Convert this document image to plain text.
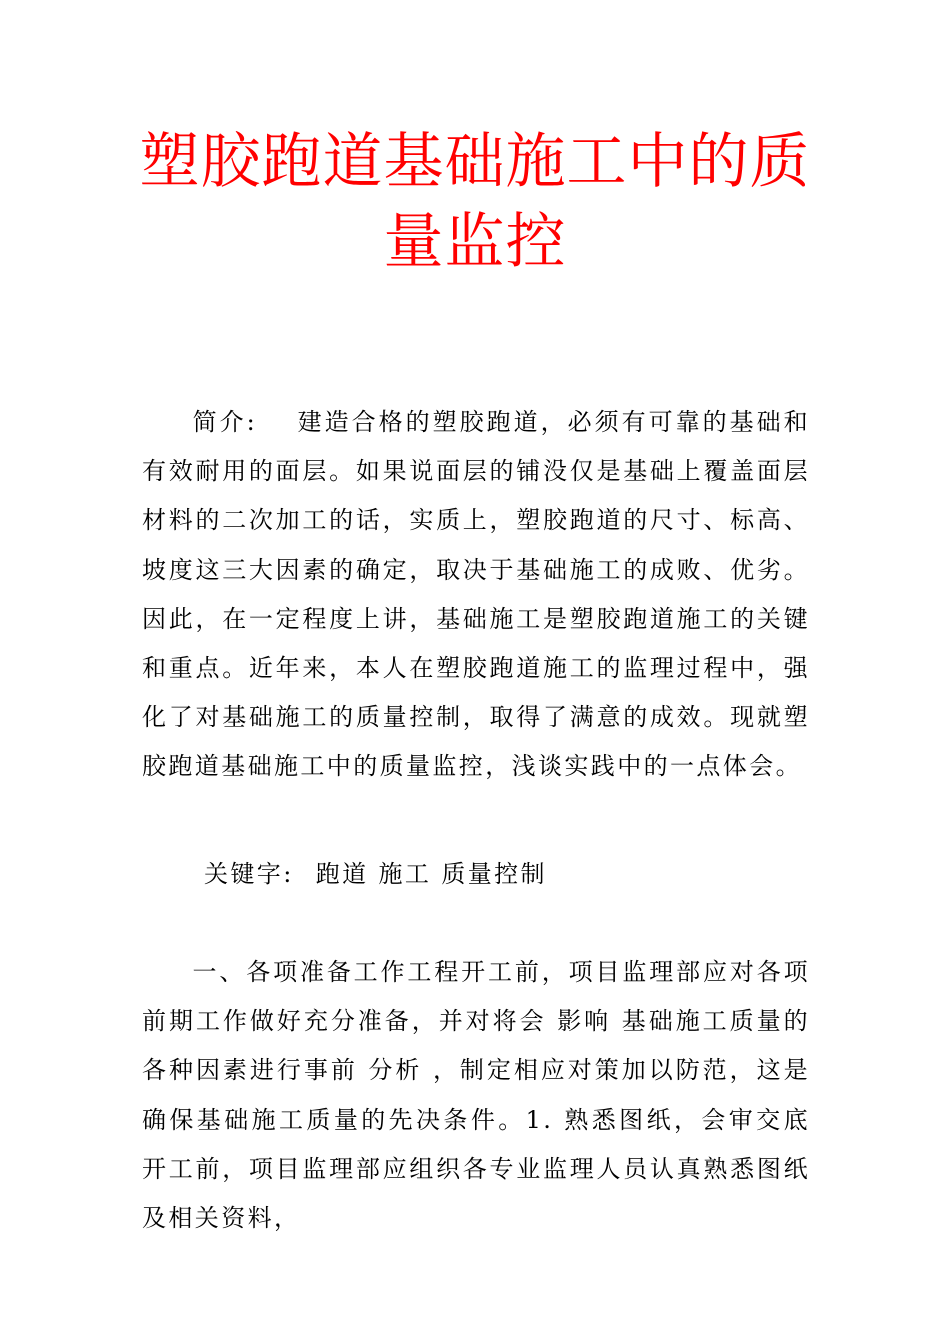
塑胶跑道基础施工中的质
量监控

简介: 建造合格的塑胶跑道，必须有可靠的基础和有效耐用的面层。如果说面层的铺没仅是基础上覆盖面层材料的二次加工的话，实质上，塑胶跑道的尺寸、标高、坡度这三大因素的确定，取决于基础施工的成败、优劣。因此，在一定程度上讲，基础施工是塑胶跑道施工的关键和重点。近年来，本人在塑胶跑道施工的监理过程中，强化了对基础施工的质量控制，取得了满意的成效。现就塑胶跑道基础施工中的质量监控，浅谈实践中的一点体会。

关键字: 跑道 施工 质量控制

一、各项准备工作工程开工前，项目监理部应对各项前期工作做好充分准备，并对将会 影响 基础施工质量的各种因素进行事前 分析 ，制定相应对策加以防范，这是确保基础施工质量的先决条件。1. 熟悉图纸，会审交底开工前，项目监理部应组织各专业监理人员认真熟悉图纸及相关资料，
